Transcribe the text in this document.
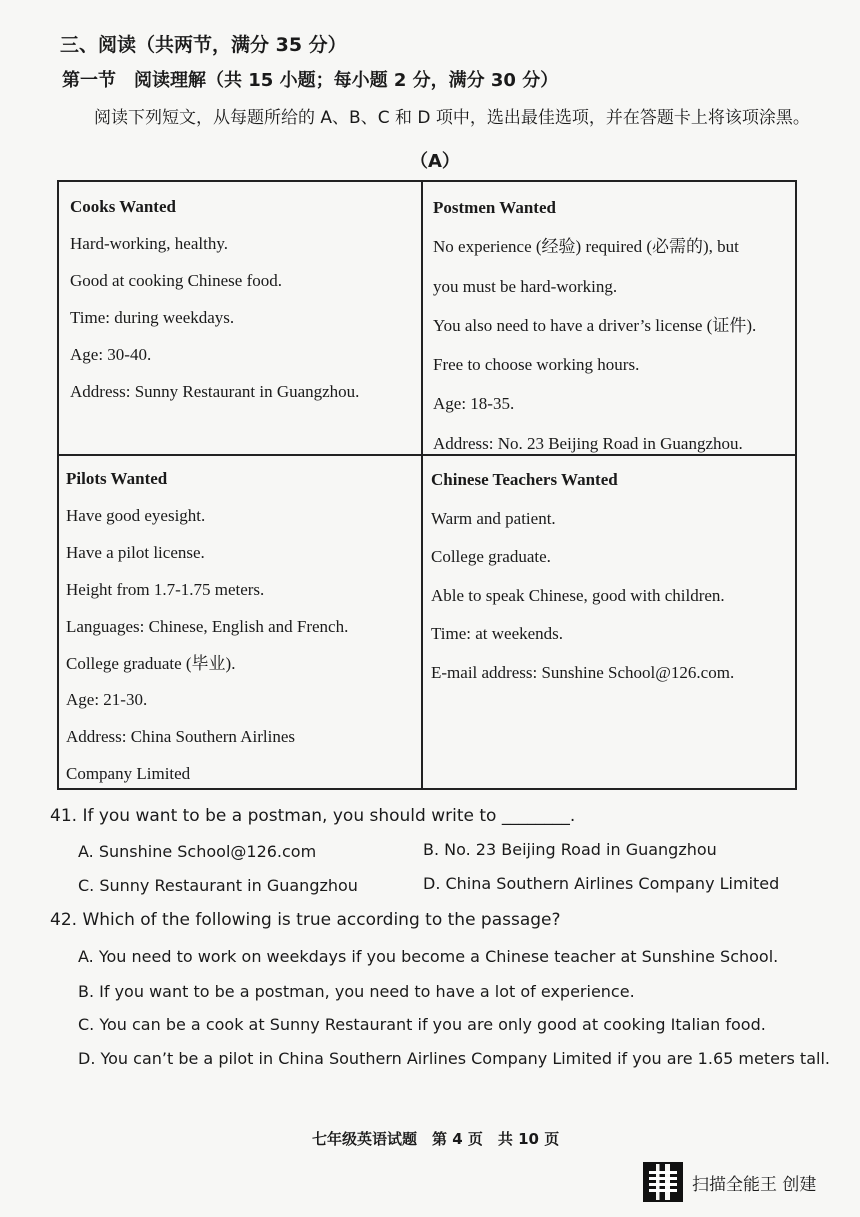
三、阅读（共两节，满分 35 分）
第一节　阅读理解（共 15 小题；每小题 2 分，满分 30 分）
阅读下列短文，从每题所给的 A、B、C 和 D 项中，选出最佳选项，并在答题卡上将该项涂黑。
（A）
Cooks Wanted
Hard-working, healthy.
Good at cooking Chinese food.
Time: during weekdays.
Age: 30-40.
Address: Sunny Restaurant in Guangzhou.
Postmen Wanted
No experience (经验) required (必需的), but
you must be hard-working.
You also need to have a driver’s license (证件).
Free to choose working hours.
Age: 18-35.
Address: No. 23 Beijing Road in Guangzhou.
Pilots Wanted
Have good eyesight.
Have a pilot license.
Height from 1.7-1.75 meters.
Languages: Chinese, English and French.
College graduate (毕业).
Age: 21-30.
Address: China Southern Airlines
Company Limited
Chinese Teachers Wanted
Warm and patient.
College graduate.
Able to speak Chinese, good with children.
Time: at weekends.
E-mail address: Sunshine School@126.com.
41. If you want to be a postman, you should write to ________.
A. Sunshine School@126.com	B. No. 23 Beijing Road in Guangzhou
C. Sunny Restaurant in Guangzhou	D. China Southern Airlines Company Limited
42. Which of the following is true according to the passage?
A. You need to work on weekdays if you become a Chinese teacher at Sunshine School.
B. If you want to be a postman, you need to have a lot of experience.
C. You can be a cook at Sunny Restaurant if you are only good at cooking Italian food.
D. You can’t be a pilot in China Southern Airlines Company Limited if you are 1.65 meters tall.
七年级英语试题　第 4 页　共 10 页
扫描全能王 创建
